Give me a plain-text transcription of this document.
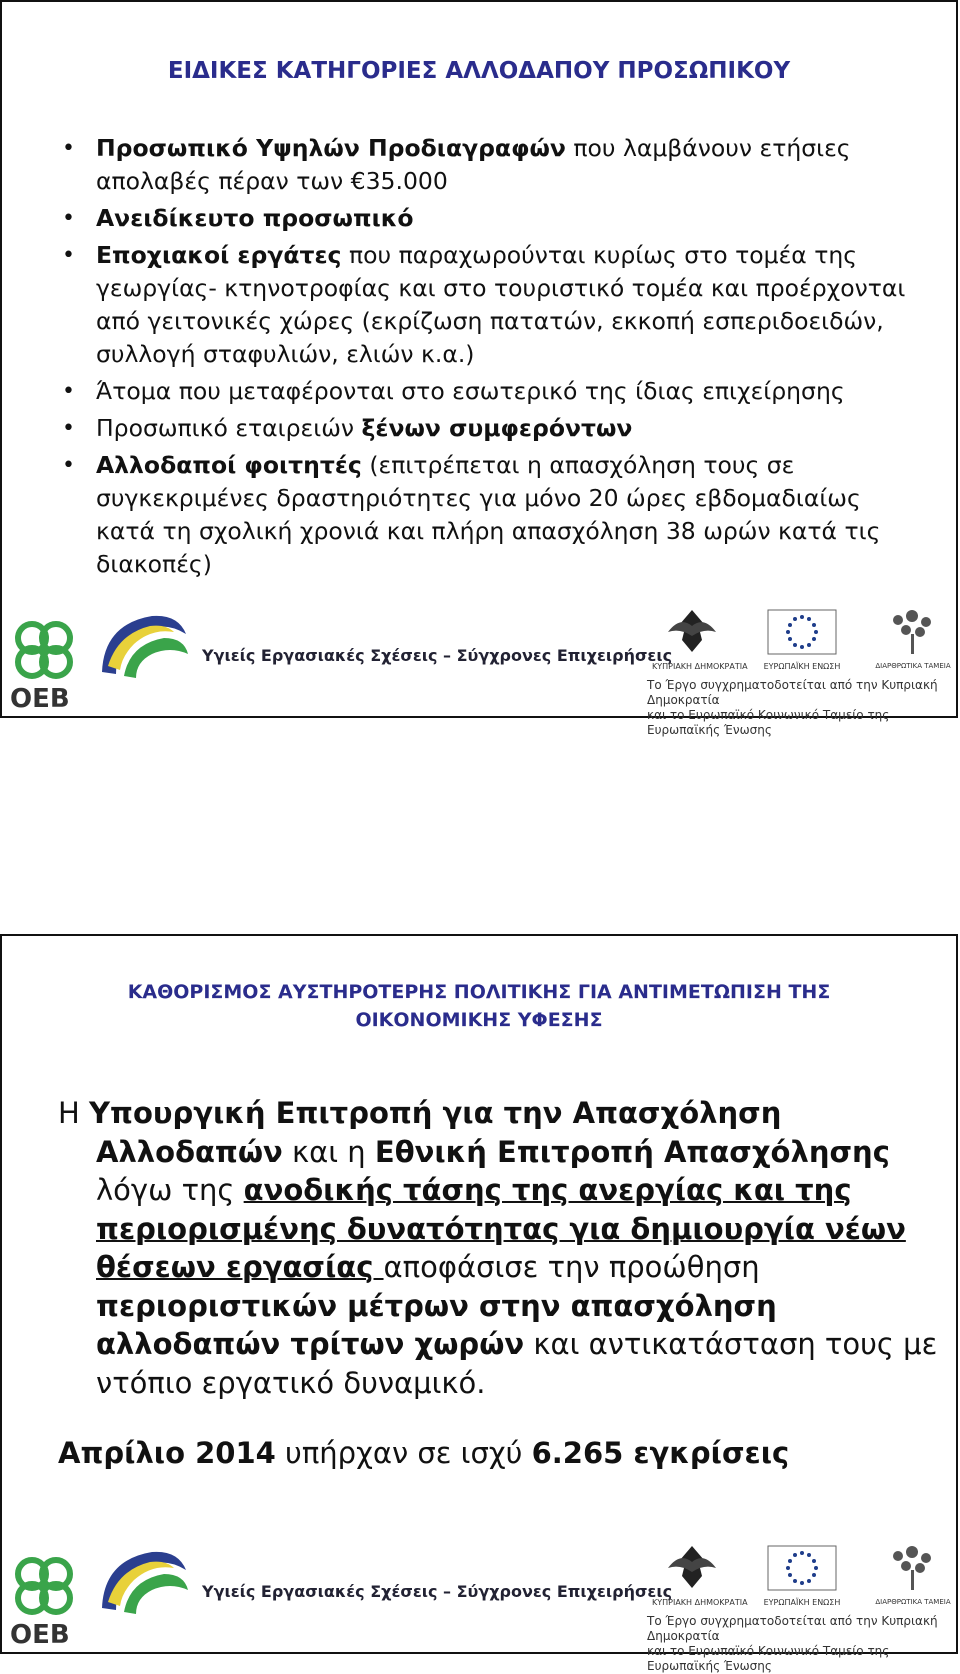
ΕΙΔΙΚΕΣ ΚΑΤΗΓΟΡΙΕΣ ΑΛΛΟΔΑΠΟΥ ΠΡΟΣΩΠΙΚΟΥ
• Προσωπικό Υψηλών Προδιαγραφών που λαμβάνουν ετήσιες απολαβές πέραν των €35.000
• Ανειδίκευτο προσωπικό
• Εποχιακοί εργάτες που παραχωρούνται κυρίως στο τομέα της γεωργίας- κτηνοτροφίας και στο τουριστικό τομέα και προέρχονται από γειτονικές χώρες (εκρίζωση πατατών, εκκοπή εσπεριδοειδών, συλλογή σταφυλιών, ελιών κ.α.)
• Άτομα που μεταφέρονται στο εσωτερικό της ίδιας επιχείρησης
• Προσωπικό εταιρειών ξένων συμφερόντων
• Αλλοδαποί φοιτητές (επιτρέπεται η απασχόληση τους σε συγκεκριμένες δραστηριότητες για μόνο 20 ώρες εβδομαδιαίως κατά τη σχολική χρονιά και πλήρη απασχόληση 38 ωρών κατά τις διακοπές)
ΟΕΒ
Υγιείς Εργασιακές Σχέσεις – Σύγχρονες Επιχειρήσεις
ΚΥΠΡΙΑΚΗ ΔΗΜΟΚΡΑΤΙΑ ΕΥΡΩΠΑΪΚΗ ΕΝΩΣΗ	ΔΙΑΡΘΡΩΤΙΚΑ ΤΑΜΕΙΑ
Το Έργο συγχρηματοδοτείται από την Κυπριακή Δημοκρατία
και το Ευρωπαϊκό Κοινωνικό Ταμείο της Ευρωπαϊκής Ένωσης
ΚΑΘΟΡΙΣΜΟΣ ΑΥΣΤΗΡΟΤΕΡΗΣ ΠΟΛΙΤΙΚΗΣ ΓΙΑ ΑΝΤΙΜΕΤΩΠΙΣΗ ΤΗΣ
ΟΙΚΟΝΟΜΙΚΗΣ ΥΦΕΣΗΣ
Η Υπουργική Επιτροπή για την Απασχόληση
Αλλοδαπών και η Εθνική Επιτροπή Απασχόλησης
λόγω της ανοδικής τάσης της ανεργίας και της
περιορισμένης δυνατότητας για δημιουργία νέων
θέσεων εργασίας αποφάσισε την προώθηση
περιοριστικών μέτρων στην απασχόληση
αλλοδαπών τρίτων χωρών και αντικατάσταση τους με
ντόπιο εργατικό δυναμικό.
Απρίλιο 2014 υπήρχαν σε ισχύ 6.265 εγκρίσεις
ΟΕΒ
Υγιείς Εργασιακές Σχέσεις – Σύγχρονες Επιχειρήσεις
ΚΥΠΡΙΑΚΗ ΔΗΜΟΚΡΑΤΙΑ ΕΥΡΩΠΑΪΚΗ ΕΝΩΣΗ	ΔΙΑΡΘΡΩΤΙΚΑ ΤΑΜΕΙΑ
Το Έργο συγχρηματοδοτείται από την Κυπριακή Δημοκρατία
και το Ευρωπαϊκό Κοινωνικό Ταμείο της Ευρωπαϊκής Ένωσης
